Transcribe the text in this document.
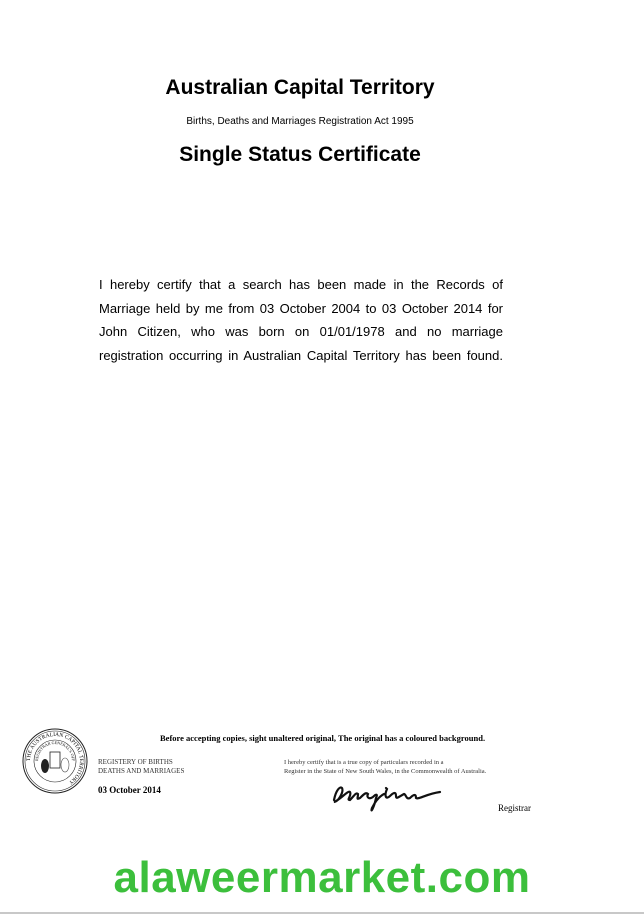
Australian Capital Territory
Births, Deaths and Marriages Registration Act 1995
Single Status Certificate
I hereby certify that a search has been made in the Records of
Marriage held by me from 03 October 2004 to 03 October 2014 for
John Citizen, who was born on 01/01/1978 and no marriage
registration occurring in Australian Capital Territory has been found.
THE AUSTRALIAN CAPITAL TERRITORY
REGISTRAR GENERAL'S OFF
Before accepting copies, sight unaltered original, The original has a coloured background.
REGISTERY OF BIRTHS
DEATHS AND MARRIAGES
03 October 2014
I hereby certify that is a true copy of particulars recorded in a
Register in the State of New South Wales, in the Commonwealth of Australia.
Registrar
alaweermarket.com
